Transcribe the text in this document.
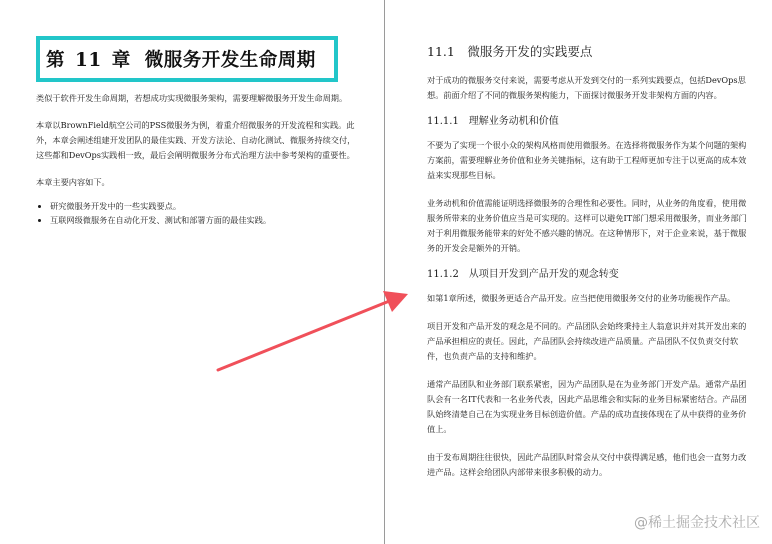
第 11 章 微服务开发生命周期

类似于软件开发生命周期，若想成功实现微服务架构，需要理解微服务开发生命周期。

本章以BrownField航空公司的PSS微服务为例，着重介绍微服务的开发流程和实践。此外，本章会阐述组建开发团队的最佳实践、开发方法论、自动化测试、微服务持续交付，这些都和DevOps实践相一致，最后会阐明微服务分布式治理方法中参考架构的重要性。

本章主要内容如下。

• 研究微服务开发中的一些实践要点。
• 互联网级微服务在自动化开发、测试和部署方面的最佳实践。
11.1　微服务开发的实践要点

对于成功的微服务交付来说，需要考虑从开发到交付的一系列实践要点，包括DevOps思想。前面介绍了不同的微服务架构能力，下面探讨微服务开发非架构方面的内容。

11.1.1　理解业务动机和价值

不要为了实现一个很小众的架构风格而使用微服务。在选择将微服务作为某个问题的架构方案前，需要理解业务价值和业务关键指标，这有助于工程师更加专注于以更高的成本效益来实现那些目标。

业务动机和价值需能证明选择微服务的合理性和必要性。同时，从业务的角度看，使用微服务所带来的业务价值应当是可实现的。这样可以避免IT部门想采用微服务，而业务部门对于利用微服务能带来的好处不感兴趣的情况。在这种情形下，对于企业来说，基于微服务的开发会是额外的开销。

11.1.2　从项目开发到产品开发的观念转变

如第1章所述，微服务更适合产品开发。应当把使用微服务交付的业务功能视作产品。

项目开发和产品开发的观念是不同的。产品团队会始终秉持主人翁意识并对其开发出来的产品承担相应的责任。因此，产品团队会持续改进产品质量。产品团队不仅负责交付软件，也负责产品的支持和维护。

通常产品团队和业务部门联系紧密，因为产品团队是在为业务部门开发产品。通常产品团队会有一名IT代表和一名业务代表，因此产品思维会和实际的业务目标紧密结合。产品团队始终清楚自己在为实现业务目标创造价值。产品的成功直接体现在了从中获得的业务价值上。

由于发布周期往往很快，因此产品团队时常会从交付中获得满足感，他们也会一直努力改进产品。这样会给团队内部带来很多积极的动力。

@稀土掘金技术社区
